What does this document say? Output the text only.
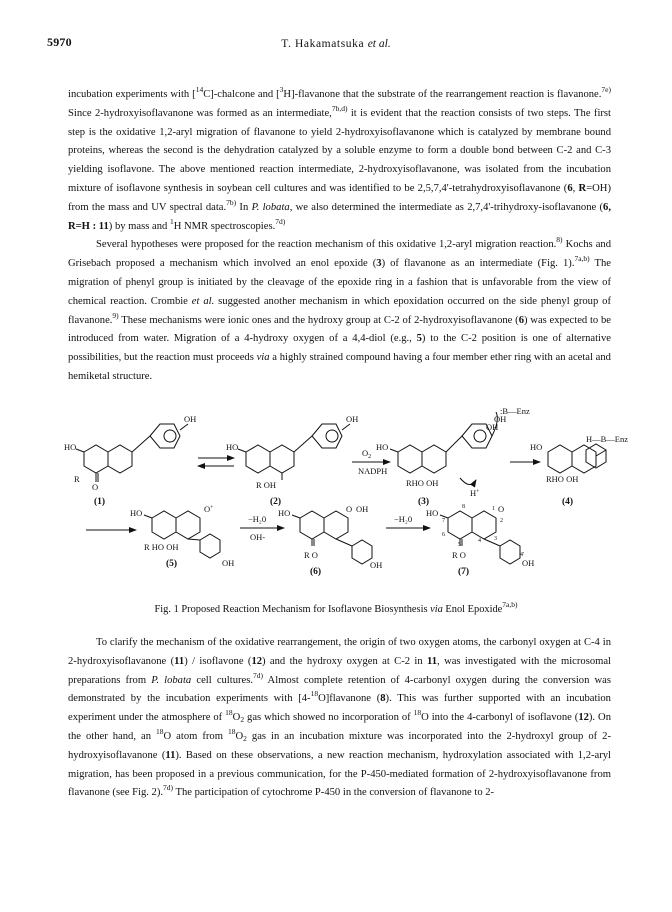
5970	T. Hakamatsuka et al.

incubation experiments with [$^{14}$C]-chalcone and [$^3$H]-flavanone that the substrate of the rearrangement reaction is flavanone.$^{7e)}$ Since 2-hydroxyisoflavanone was formed as an intermediate,$^{7b,d)}$ it is evident that the reaction consists of two steps. The first step is the oxidative 1,2-aryl migration of flavanone to yield 2-hydroxyisoflavanone which is catalyzed by membrane bound proteins, whereas the second is the dehydration catalyzed by a soluble enzyme to form a double bond between C-2 and C-3 yielding isoflavone. The above mentioned reaction intermediate, 2-hydroxyisoflavanone, was isolated from the incubation mixture of isoflavone synthesis in soybean cell cultures and was identified to be 2,5,7,4'-tetrahydroxyisoflavanone (6, R=OH) from the mass and UV spectral data.$^{7b)}$ In P. lobata, we also determined the intermediate as 2,7,4'-trihydroxy-isoflavanone (6, R=H : 11) by mass and $^1$H NMR spectroscopies.$^{7d)}$

Several hypotheses were proposed for the reaction mechanism of this oxidative 1,2-aryl migration reaction.$^{8)}$ Kochs and Grisebach proposed a mechanism which involved an enol epoxide (3) of flavanone as an intermediate (Fig. 1).$^{7a,b)}$ The migration of phenyl group is initiated by the cleavage of the epoxide ring in a fashion that is unfavorable from the view of chemical reaction. Crombie et al. suggested another mechanism in which epoxidation occurred on the side phenyl group of flavanone.$^{9)}$ These mechanisms were ionic ones and the hydroxy group at C-2 of 2-hydroxyisoflavanone (6) was expected to be introduced from water. Migration of a 4-hydroxy oxygen of a 4,4-diol (e.g., 5) to the C-2 position is one of alternative possibilities, but the reaction must proceeds via a highly strained compound having a four member ether ring with an acetal and hemiketal structure.

HO
OH
O
R
(1)
HO
OH
R OH
(2)
$O_2$
NADPH
HO
OH
RHO OH
H+
(3)
:B—Enz
OH
HO
RHO OH
(4)
H—B—Enz
HO	O+
R HO OH
OH
(5)
−H₂0
OH-
HO	O OH
R O
OH
(6)
−H₂0
HO	O
R O
OH
(7)
8
7
6
5
4
1
2
3
4'
Fig. 1 Proposed Reaction Mechanism for Isoflavone Biosynthesis via Enol Epoxide$^{7a,b)}$

To clarify the mechanism of the oxidative rearrangement, the origin of two oxygen atoms, the carbonyl oxygen at C-4 in 2-hydroxyisoflavanone (11) / isoflavone (12) and the hydroxy oxygen at C-2 in 11, was investigated with the microsomal preparations from P. lobata cell cultures.$^{7d)}$ Almost complete retention of 4-carbonyl oxygen during the conversion was demonstrated by the incubation experiments with [4-$^{18}$O]flavanone (8). This was further supported with an incubation experiment under the atmosphere of $^{18}O_2$ gas which showed no incorporation of $^{18}$O into the 4-carbonyl of isoflavone (12). On the other hand, an $^{18}$O atom from $^{18}O_2$ gas in an incubation mixture was incorporated into the 2-hydroxyl group of 2-hydroxyisoflavanone (11). Based on these observations, a new reaction mechanism, hydroxylation associated with 1,2-aryl migration, has been proposed in a previous communication, for the P-450-mediated formation of 2-hydroxyisoflavanone from flavanone (see Fig. 2).$^{7d)}$ The participation of cytochrome P-450 in the conversion of flavanone to 2-
